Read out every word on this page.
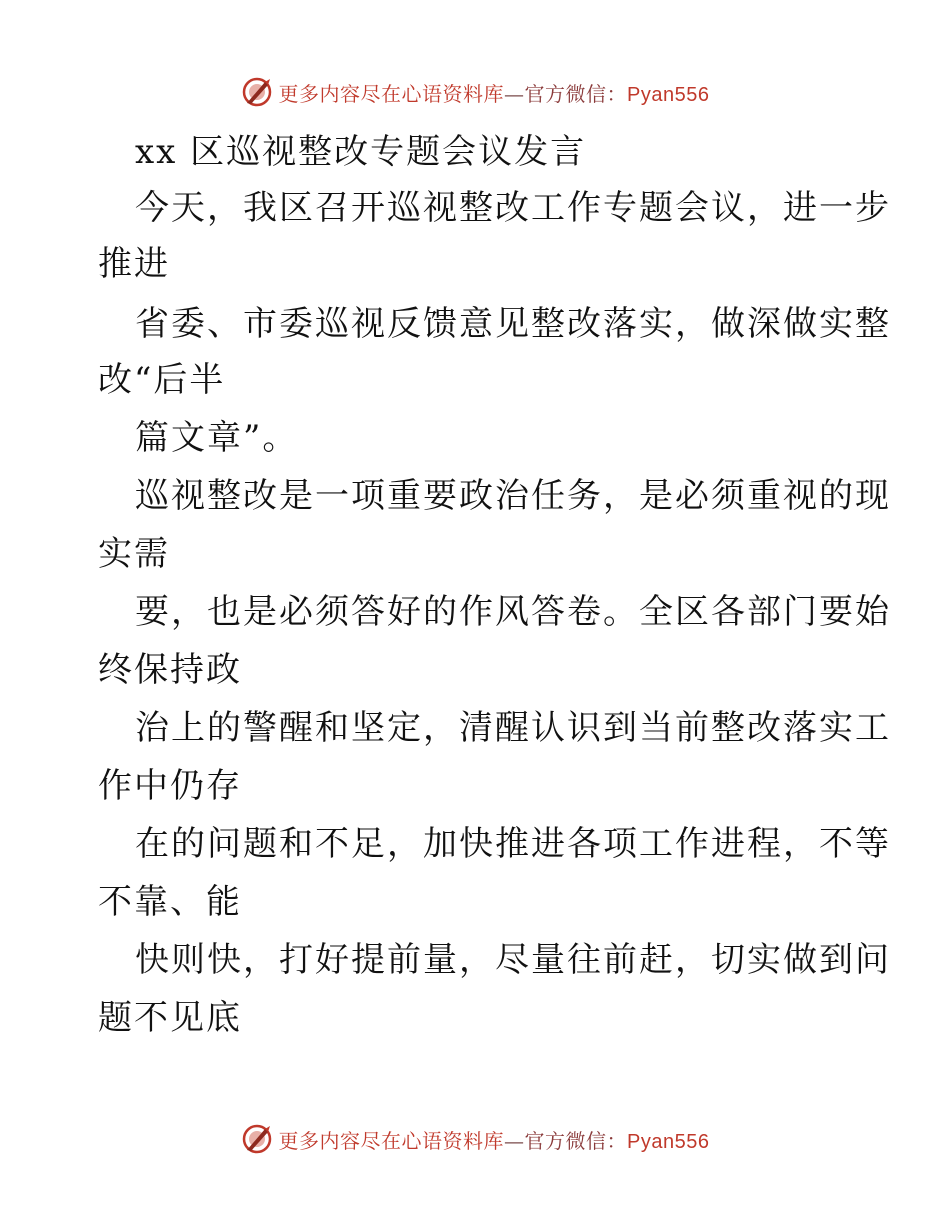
更多内容尽在心语资料库—官方微信：Pyan556
xx 区巡视整改专题会议发言
今天，我区召开巡视整改工作专题会议，进一步
推进
省委、市委巡视反馈意见整改落实，做深做实整
改“后半
篇文章”。
巡视整改是一项重要政治任务，是必须重视的现
实需
要，也是必须答好的作风答卷。全区各部门要始
终保持政
治上的警醒和坚定，清醒认识到当前整改落实工
作中仍存
在的问题和不足，加快推进各项工作进程，不等
不靠、能
快则快，打好提前量，尽量往前赶，切实做到问
题不见底
更多内容尽在心语资料库—官方微信：Pyan556
